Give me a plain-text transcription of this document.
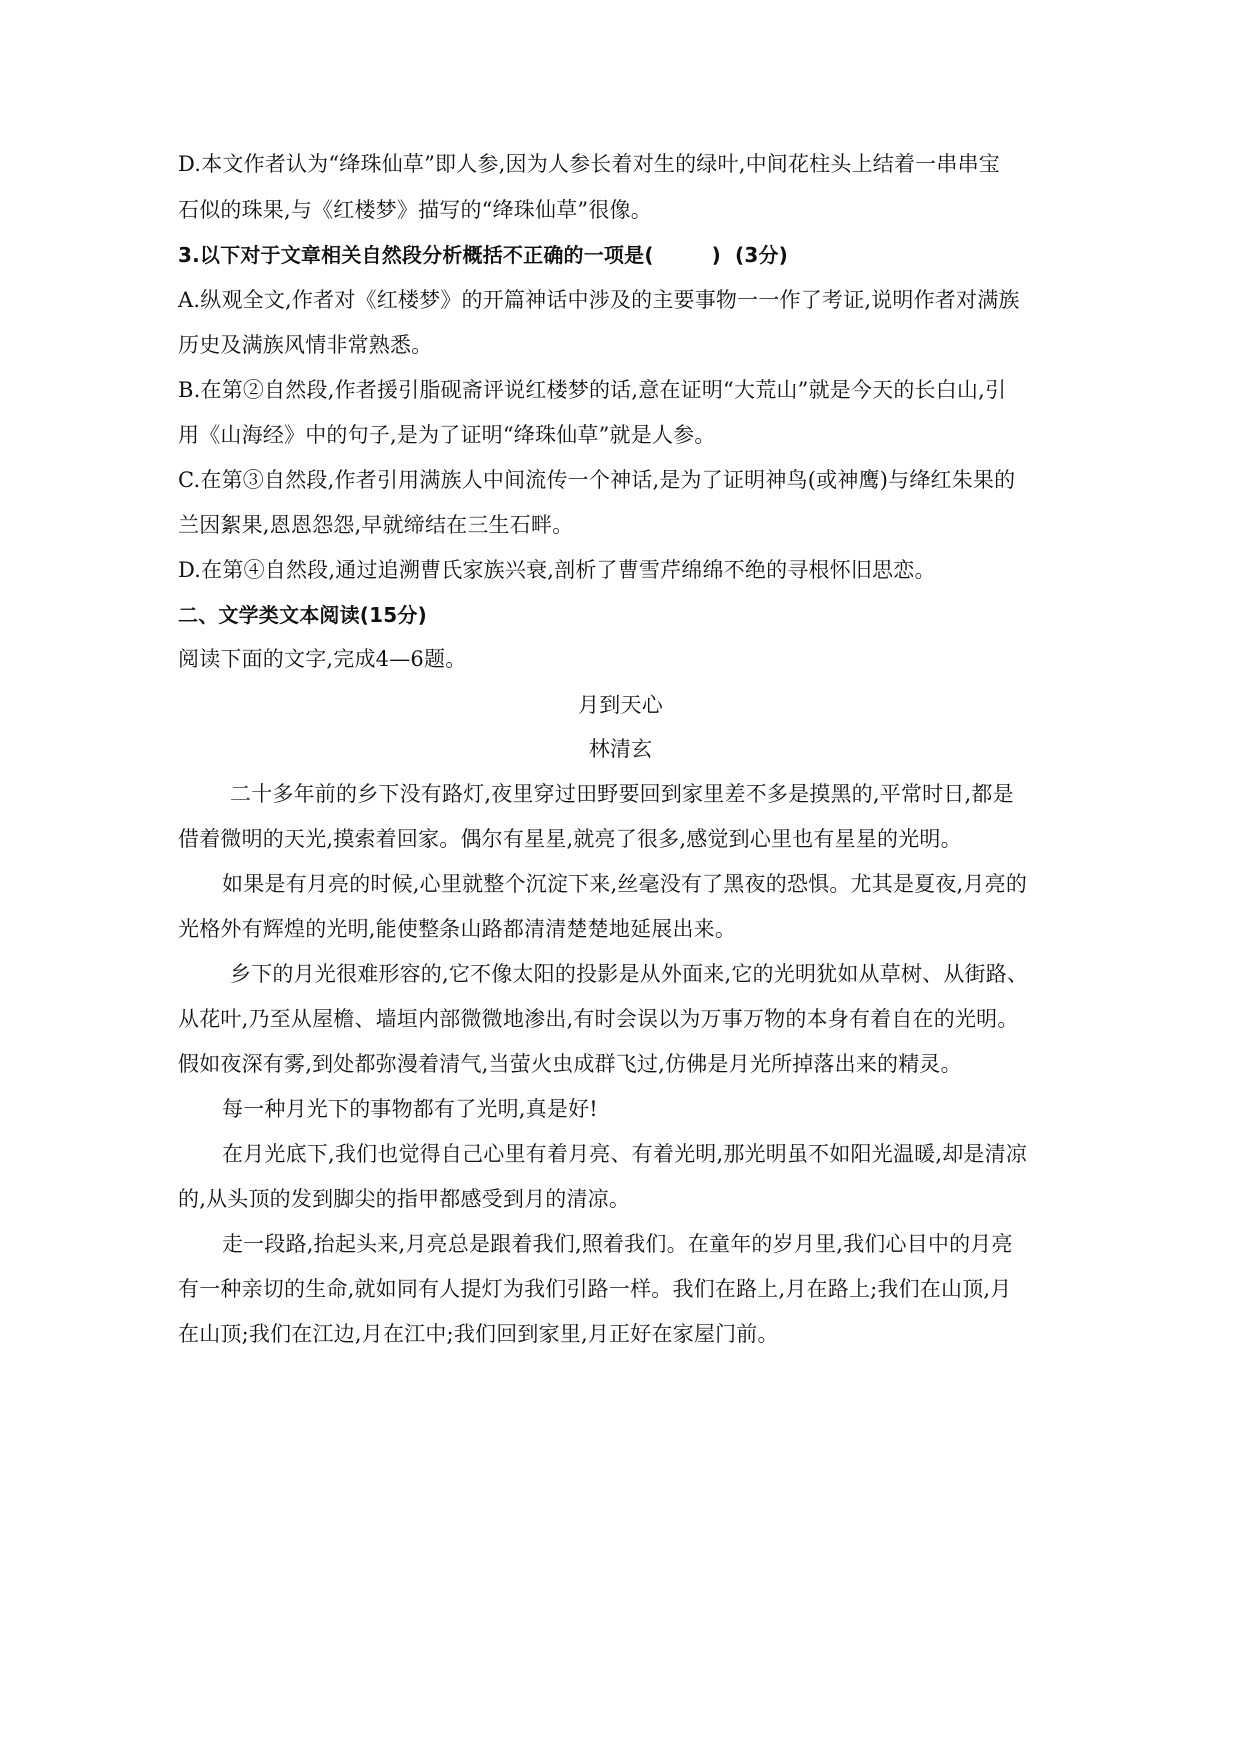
D.本文作者认为“绛珠仙草”即人参,因为人参长着对生的绿叶,中间花柱头上结着一串串宝
石似的珠果,与《红楼梦》描写的“绛珠仙草”很像。
3.以下对于文章相关自然段分析概括不正确的一项是(	) (3分)
A.纵观全文,作者对《红楼梦》的开篇神话中涉及的主要事物一一作了考证,说明作者对满族
历史及满族风情非常熟悉。
B.在第②自然段,作者援引脂砚斋评说红楼梦的话,意在证明“大荒山”就是今天的长白山,引
用《山海经》中的句子,是为了证明“绛珠仙草”就是人参。
C.在第③自然段,作者引用满族人中间流传一个神话,是为了证明神鸟(或神鹰)与绛红朱果的
兰因絮果,恩恩怨怨,早就缔结在三生石畔。
D.在第④自然段,通过追溯曹氏家族兴衰,剖析了曹雪芹绵绵不绝的寻根怀旧思恋。
二、文学类文本阅读(15分)
阅读下面的文字,完成4—6题。
月到天心
林清玄
二十多年前的乡下没有路灯,夜里穿过田野要回到家里差不多是摸黑的,平常时日,都是
借着微明的天光,摸索着回家。偶尔有星星,就亮了很多,感觉到心里也有星星的光明。
如果是有月亮的时候,心里就整个沉淀下来,丝毫没有了黑夜的恐惧。尤其是夏夜,月亮的
光格外有辉煌的光明,能使整条山路都清清楚楚地延展出来。
乡下的月光很难形容的,它不像太阳的投影是从外面来,它的光明犹如从草树、从街路、
从花叶,乃至从屋檐、墙垣内部微微地渗出,有时会误以为万事万物的本身有着自在的光明。
假如夜深有雾,到处都弥漫着清气,当萤火虫成群飞过,仿佛是月光所掉落出来的精灵。
每一种月光下的事物都有了光明,真是好!
在月光底下,我们也觉得自己心里有着月亮、有着光明,那光明虽不如阳光温暖,却是清凉
的,从头顶的发到脚尖的指甲都感受到月的清凉。
走一段路,抬起头来,月亮总是跟着我们,照着我们。在童年的岁月里,我们心目中的月亮
有一种亲切的生命,就如同有人提灯为我们引路一样。我们在路上,月在路上;我们在山顶,月
在山顶;我们在江边,月在江中;我们回到家里,月正好在家屋门前。
